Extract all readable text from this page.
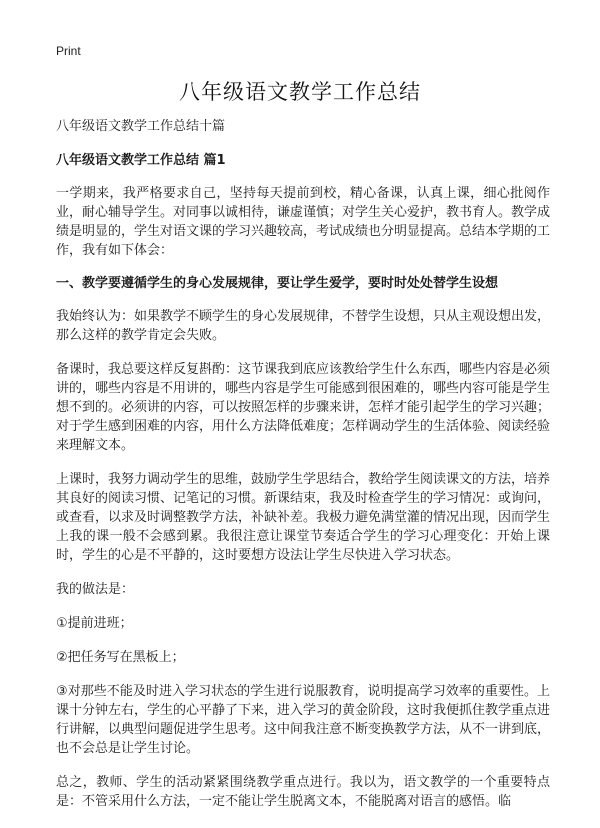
Print
八年级语文教学工作总结
八年级语文教学工作总结十篇
八年级语文教学工作总结 篇1

一学期来，我严格要求自己，坚持每天提前到校，精心备课，认真上课，细心批阅作业，耐心辅导学生。对同事以诚相待，谦虚谨慎；对学生关心爱护，教书育人。教学成绩是明显的，学生对语文课的学习兴趣较高，考试成绩也分明显提高。总结本学期的工作，我有如下体会：

一、教学要遵循学生的身心发展规律，要让学生爱学，要时时处处替学生设想

我始终认为：如果教学不顾学生的身心发展规律，不替学生设想，只从主观设想出发，那么这样的教学肯定会失败。

备课时，我总要这样反复斟酌：这节课我到底应该教给学生什么东西，哪些内容是必须讲的，哪些内容是不用讲的，哪些内容是学生可能感到很困难的，哪些内容可能是学生想不到的。必须讲的内容，可以按照怎样的步骤来讲，怎样才能引起学生的学习兴趣；对于学生感到困难的内容，用什么方法降低难度；怎样调动学生的生活体验、阅读经验来理解文本。

上课时，我努力调动学生的思维，鼓励学生学思结合，教给学生阅读课文的方法，培养其良好的阅读习惯、记笔记的习惯。新课结束，我及时检查学生的学习情况：或询问，或查看，以求及时调整教学方法，补缺补差。我极力避免满堂灌的情况出现，因而学生上我的课一般不会感到累。我很注意让课堂节奏适合学生的学习心理变化：开始上课时，学生的心是不平静的，这时要想方设法让学生尽快进入学习状态。

我的做法是：

①提前进班；

②把任务写在黑板上；

③对那些不能及时进入学习状态的学生进行说服教育，说明提高学习效率的重要性。上课十分钟左右，学生的心平静了下来，进入学习的黄金阶段，这时我便抓住教学重点进行讲解，以典型问题促进学生思考。这中间我注意不断变换教学方法，从不一讲到底，也不会总是让学生讨论。

总之，教师、学生的活动紧紧围绕教学重点进行。我以为，语文教学的一个重要特点是：不管采用什么方法，一定不能让学生脱离文本，不能脱离对语言的感悟。临
